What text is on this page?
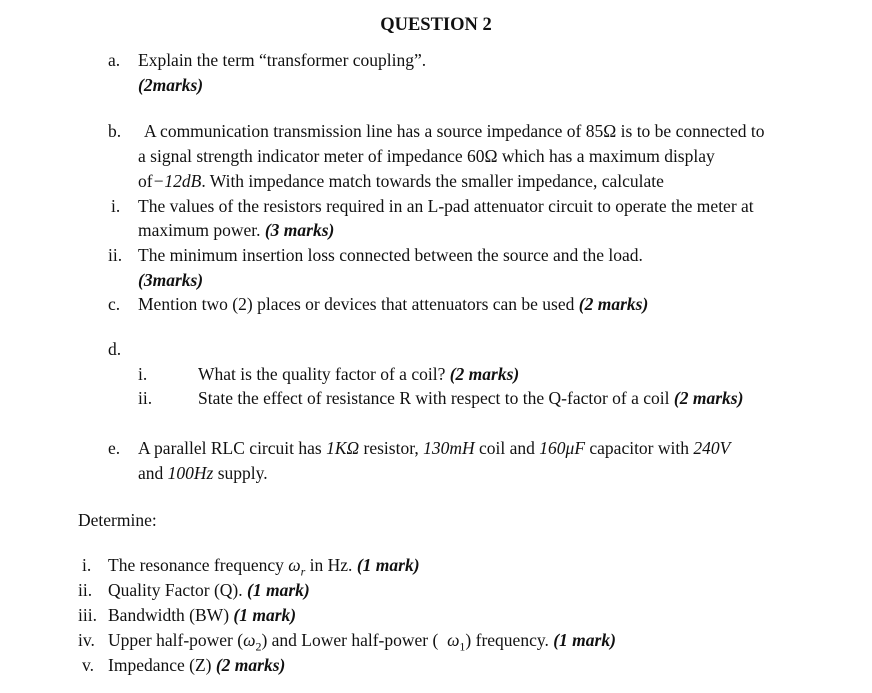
QUESTION 2
a. Explain the term “transformer coupling”.
(2marks)
b. A communication transmission line has a source impedance of 85Ω is to be connected to
a signal strength indicator meter of impedance 60Ω which has a maximum display
of−12dB. With impedance match towards the smaller impedance, calculate
i. The values of the resistors required in an L-pad attenuator circuit to operate the meter at
maximum power. (3 marks)
ii. The minimum insertion loss connected between the source and the load.
(3marks)
c. Mention two (2) places or devices that attenuators can be used (2 marks)
d.
i.	What is the quality factor of a coil? (2 marks)
ii.	State the effect of resistance R with respect to the Q-factor of a coil (2 marks)
e. A parallel RLC circuit has 1KΩ resistor, 130mH coil and 160μF capacitor with 240V
and 100Hz supply.
Determine:
i. The resonance frequency $\omega_r$ in Hz. (1 mark)
ii. Quality Factor (Q). (1 mark)
iii. Bandwidth (BW) (1 mark)
iv. Upper half-power $(\omega_2)$ and Lower half-power (  $\omega_1$) frequency. (1 mark)
v. Impedance (Z) (2 marks)
